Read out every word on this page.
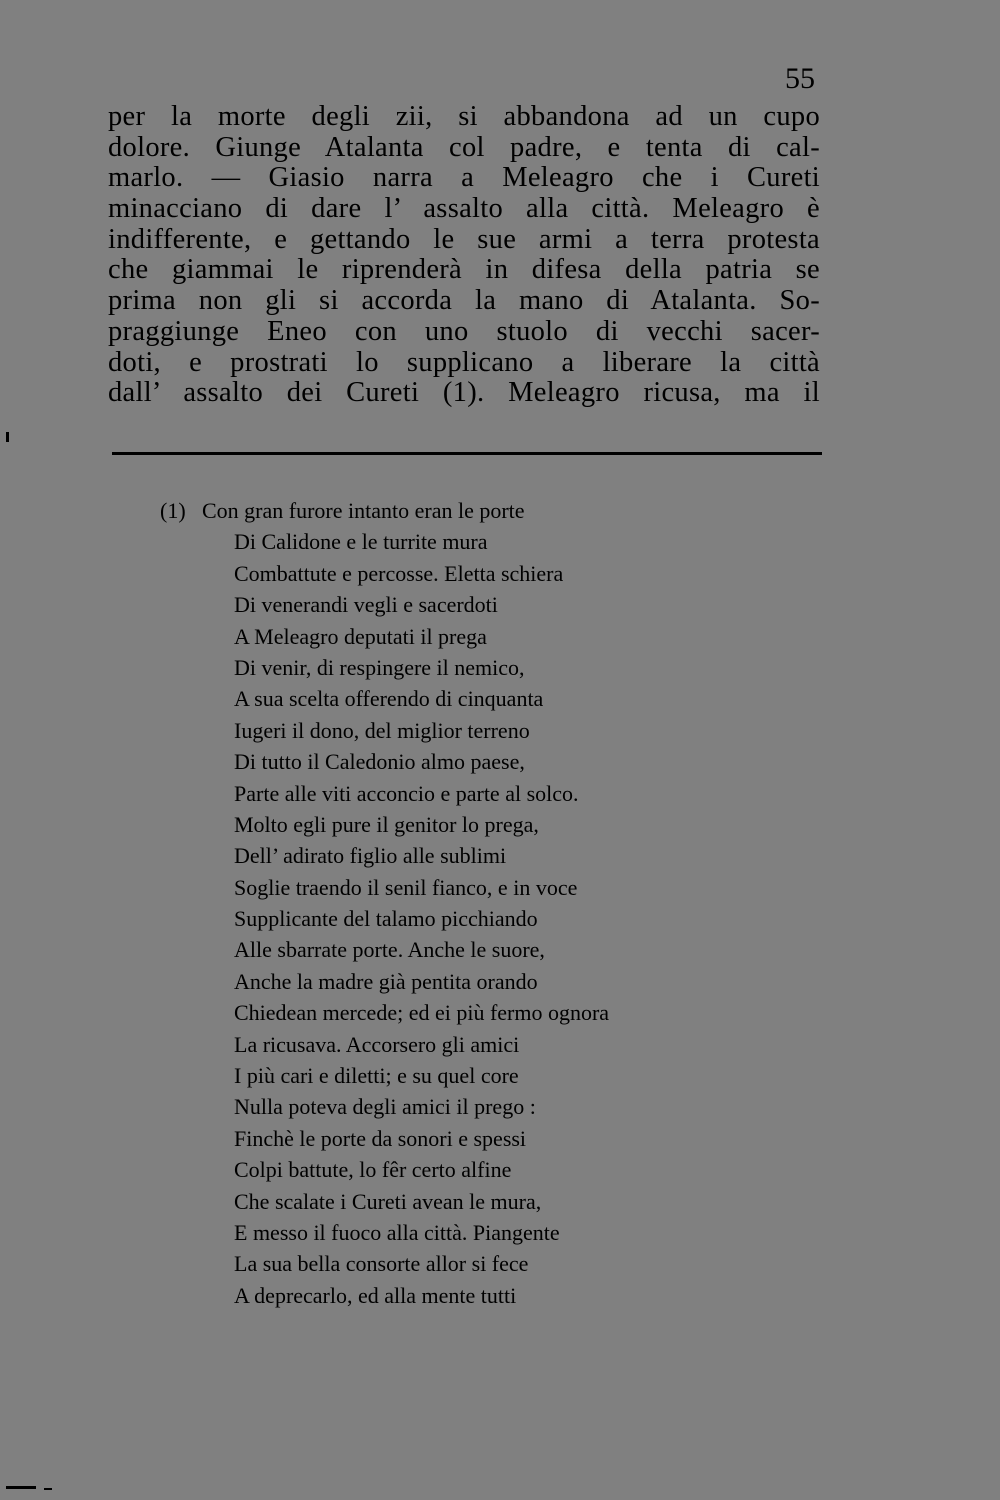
55
per la morte degli zii, si abbandona ad un cupo
dolore. Giunge Atalanta col padre, e tenta di cal-
marlo. — Giasio narra a Meleagro che i Cureti
minacciano di dare l’ assalto alla città. Meleagro è
indifferente, e gettando le sue armi a terra protesta
che giammai le riprenderà in difesa della patria se
prima non gli si accorda la mano di Atalanta. So-
praggiunge Eneo con uno stuolo di vecchi sacer-
doti, e prostrati lo supplicano a liberare la città
dall’ assalto dei Cureti (1). Meleagro ricusa, ma il
(1) Con gran furore intanto eran le porte
Di Calidone e le turrite mura
Combattute e percosse. Eletta schiera
Di venerandi vegli e sacerdoti
A Meleagro deputati il prega
Di venir, di respingere il nemico,
A sua scelta offerendo di cinquanta
Iugeri il dono, del miglior terreno
Di tutto il Caledonio almo paese,
Parte alle viti acconcio e parte al solco.
Molto egli pure il genitor lo prega,
Dell’ adirato figlio alle sublimi
Soglie traendo il senil fianco, e in voce
Supplicante del talamo picchiando
Alle sbarrate porte. Anche le suore,
Anche la madre già pentita orando
Chiedean mercede; ed ei più fermo ognora
La ricusava. Accorsero gli amici
I più cari e diletti; e su quel core
Nulla poteva degli amici il prego :
Finchè le porte da sonori e spessi
Colpi battute, lo fêr certo alfine
Che scalate i Cureti avean le mura,
E messo il fuoco alla città. Piangente
La sua bella consorte allor si fece
A deprecarlo, ed alla mente tutti
